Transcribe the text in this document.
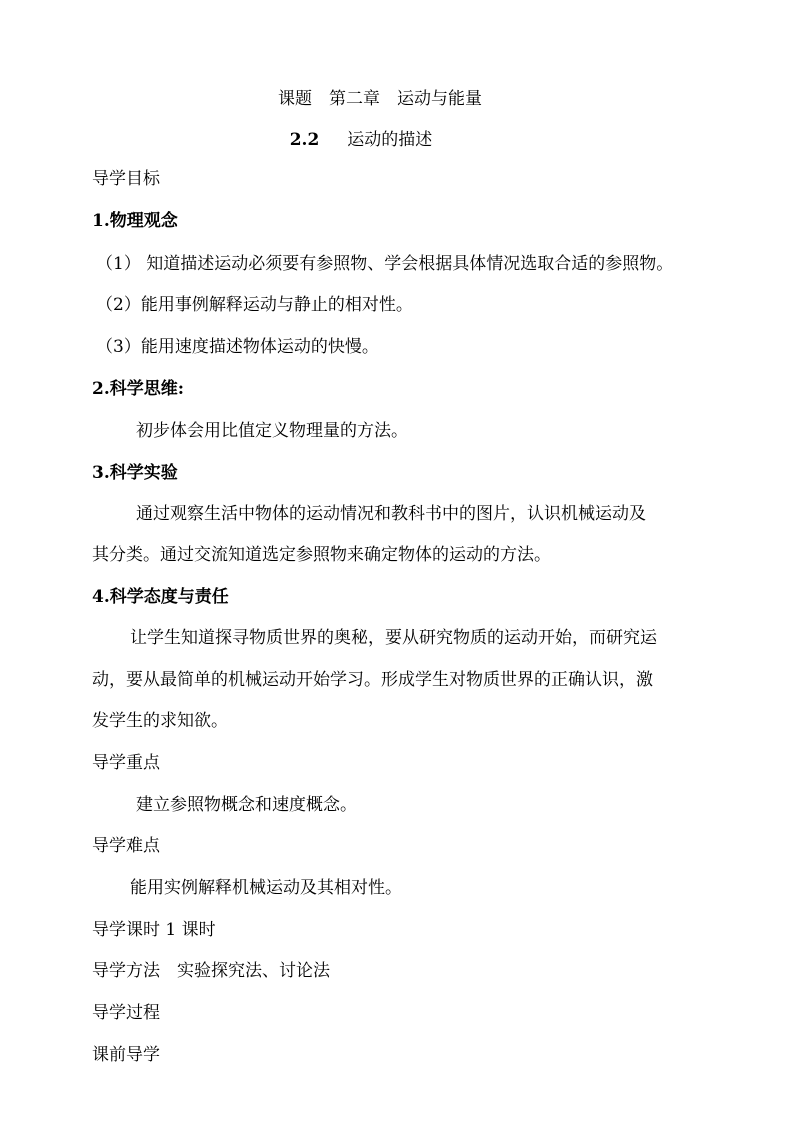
课题　第二章　运动与能量
2.2 运动的描述
导学目标
1.物理观念
（1） 知道描述运动必须要有参照物、学会根据具体情况选取合适的参照物。
（2）能用事例解释运动与静止的相对性。
（3）能用速度描述物体运动的快慢。
2.科学思维:
初步体会用比值定义物理量的方法。
3.科学实验
通过观察生活中物体的运动情况和教科书中的图片，认识机械运动及
其分类。通过交流知道选定参照物来确定物体的运动的方法。
4.科学态度与责任
让学生知道探寻物质世界的奥秘，要从研究物质的运动开始，而研究运
动，要从最简单的机械运动开始学习。形成学生对物质世界的正确认识，激
发学生的求知欲。
导学重点
建立参照物概念和速度概念。
导学难点
能用实例解释机械运动及其相对性。
导学课时 1 课时
导学方法　实验探究法、讨论法
导学过程
课前导学
